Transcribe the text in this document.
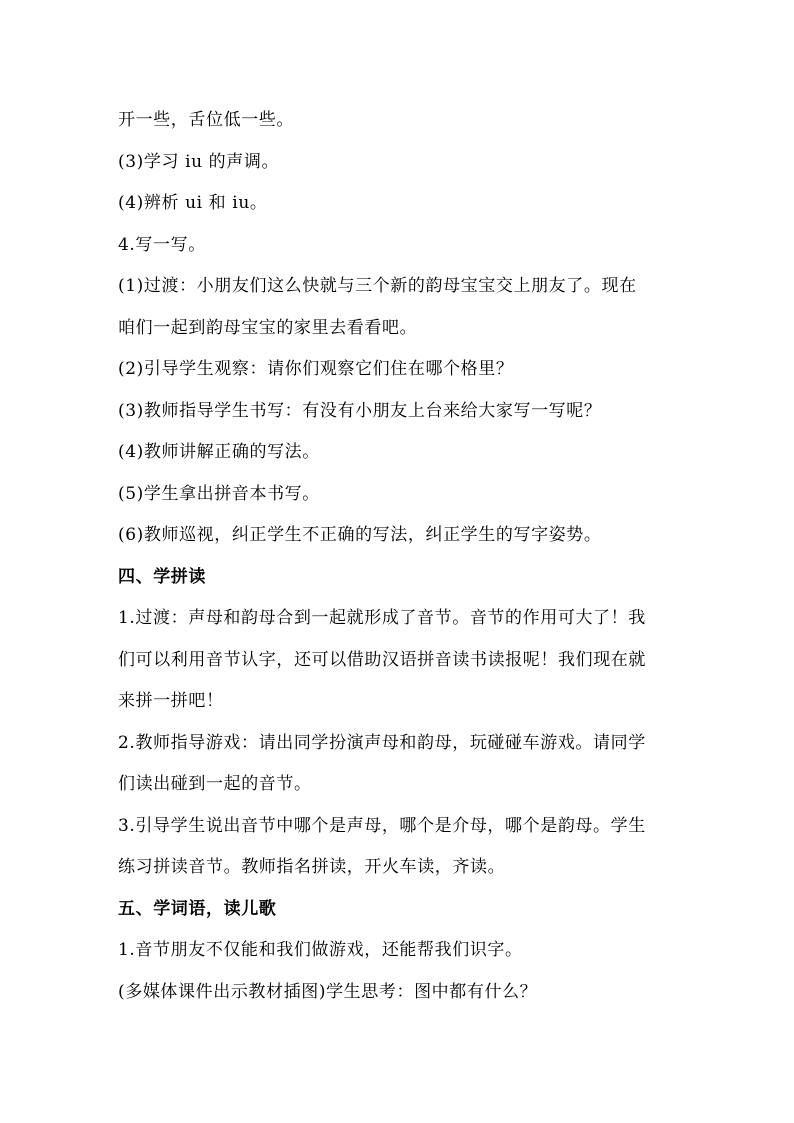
开一些，舌位低一些。
(3)学习 iu 的声调。
(4)辨析 ui 和 iu。
4.写一写。
(1)过渡：小朋友们这么快就与三个新的韵母宝宝交上朋友了。现在
咱们一起到韵母宝宝的家里去看看吧。
(2)引导学生观察：请你们观察它们住在哪个格里？
(3)教师指导学生书写：有没有小朋友上台来给大家写一写呢？
(4)教师讲解正确的写法。
(5)学生拿出拼音本书写。
(6)教师巡视，纠正学生不正确的写法，纠正学生的写字姿势。
四、学拼读
1.过渡：声母和韵母合到一起就形成了音节。音节的作用可大了！我
们可以利用音节认字，还可以借助汉语拼音读书读报呢！我们现在就
来拼一拼吧！
2.教师指导游戏：请出同学扮演声母和韵母，玩碰碰车游戏。请同学
们读出碰到一起的音节。
3.引导学生说出音节中哪个是声母，哪个是介母，哪个是韵母。学生
练习拼读音节。教师指名拼读，开火车读，齐读。
五、学词语，读儿歌
1.音节朋友不仅能和我们做游戏，还能帮我们识字。
(多媒体课件出示教材插图)学生思考：图中都有什么？
